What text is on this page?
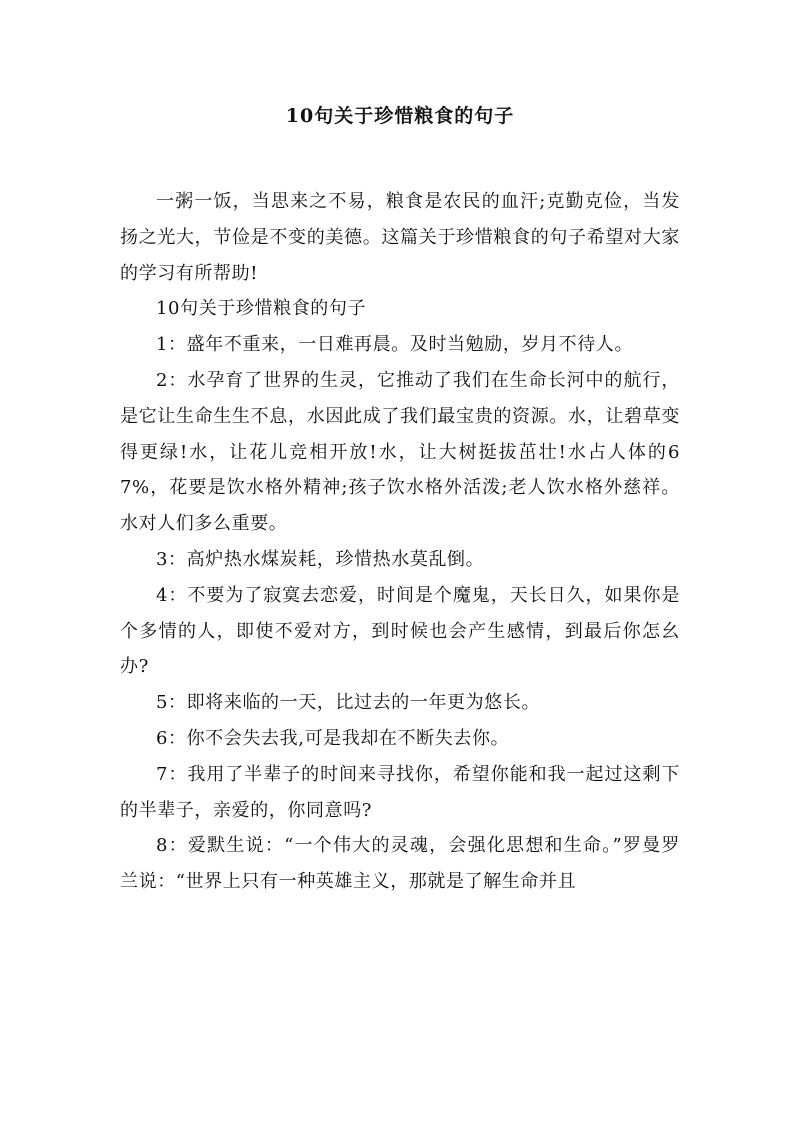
10句关于珍惜粮食的句子

一粥一饭，当思来之不易，粮食是农民的血汗;克勤克俭，当发扬之光大，节俭是不变的美德。这篇关于珍惜粮食的句子希望对大家的学习有所帮助!

10句关于珍惜粮食的句子

1：盛年不重来，一日难再晨。及时当勉励，岁月不待人。

2：水孕育了世界的生灵，它推动了我们在生命长河中的航行，是它让生命生生不息，水因此成了我们最宝贵的资源。水，让碧草变得更绿!水，让花儿竞相开放!水，让大树挺拔茁壮!水占人体的67%，花要是饮水格外精神;孩子饮水格外活泼;老人饮水格外慈祥。水对人们多么重要。

3：高炉热水煤炭耗，珍惜热水莫乱倒。

4：不要为了寂寞去恋爱，时间是个魔鬼，天长日久，如果你是个多情的人，即使不爱对方，到时候也会产生感情，到最后你怎幺办?

5：即将来临的一天，比过去的一年更为悠长。

6：你不会失去我,可是我却在不断失去你。

7：我用了半辈子的时间来寻找你，希望你能和我一起过这剩下的半辈子，亲爱的，你同意吗?

8：爱默生说：“一个伟大的灵魂，会强化思想和生命。”罗曼罗兰说：“世界上只有一种英雄主义，那就是了解生命并且
